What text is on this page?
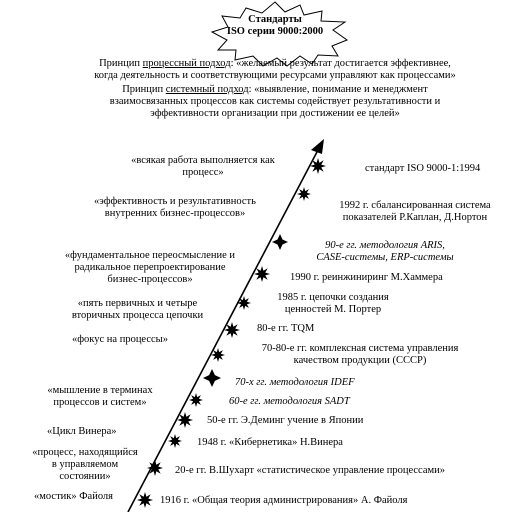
Стандарты
ISO серии 9000:2000
Принцип процессный подход: «желаемый результат достигается эффективнее,
когда деятельность и соответствующими ресурсами управляют как процессами»
Принцип системный подход: «выявление, понимание и менеджмент
взаимосвязанных процессов как системы содействует результативности и
эффективности организации при достижении ее целей»
«всякая работа выполняется как
процесс»
«эффективность и результативность
внутренних бизнес-процессов»
«фундаментальное переосмысление и
радикальное перепроектирование
бизнес-процессов»
«пять первичных и четыре
вторичных процесса цепочки
«фокус на процессы»
«мышление в терминах
процессов и систем»
«Цикл Винера»
«процесс, находящийся
в управляемом
состоянии»
«мостик» Файоля
стандарт ISO 9000-1:1994
1992 г. сбалансированная система
показателей Р.Каплан, Д.Нортон
90-е гг. методология ARIS,
CASE-системы, ERP-системы
1990 г. реинжиниринг М.Хаммера
1985 г. цепочки создания
ценностей М. Портер
80-е гг. TQM
70-80-е гг. комплексная система управления
качеством продукции (СССР)
70-х гг. методология IDEF
60-е гг. методология SADT
50-е гг. Э.Деминг учение в Японии
1948 г. «Кибернетика» Н.Винера
20-е гг. В.Шухарт «статистическое управление процессами»
1916 г. «Общая теория администрирования» А. Файоля
